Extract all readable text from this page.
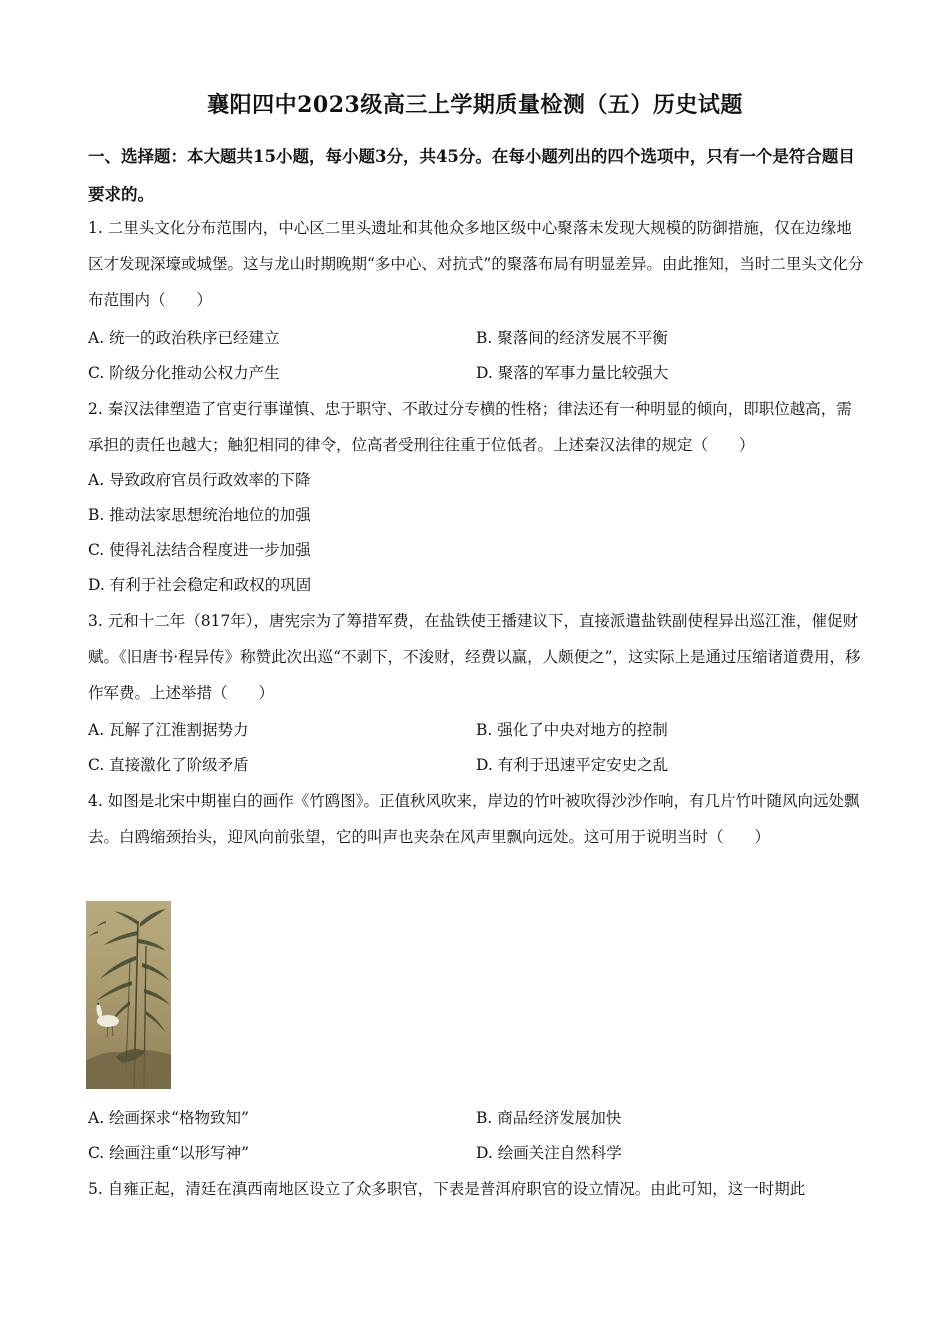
襄阳四中2023级高三上学期质量检测（五）历史试题
一、选择题：本大题共15小题，每小题3分，共45分。在每小题列出的四个选项中，只有一个是符合题目要求的。
1. 二里头文化分布范围内，中心区二里头遗址和其他众多地区级中心聚落未发现大规模的防御措施，仅在边缘地区才发现深壕或城堡。这与龙山时期晚期“多中心、对抗式”的聚落布局有明显差异。由此推知，当时二里头文化分布范围内（　　）
A. 统一的政治秩序已经建立	B. 聚落间的经济发展不平衡
C. 阶级分化推动公权力产生	D. 聚落的军事力量比较强大
2. 秦汉法律塑造了官吏行事谨慎、忠于职守、不敢过分专横的性格；律法还有一种明显的倾向，即职位越高，需承担的责任也越大；触犯相同的律令，位高者受刑往往重于位低者。上述秦汉法律的规定（　　）
A. 导致政府官员行政效率的下降
B. 推动法家思想统治地位的加强
C. 使得礼法结合程度进一步加强
D. 有利于社会稳定和政权的巩固
3. 元和十二年（817年），唐宪宗为了筹措军费，在盐铁使王播建议下，直接派遣盐铁副使程异出巡江淮，催促财赋。《旧唐书·程异传》称赞此次出巡“不剥下，不浚财，经费以赢，人颇便之”，这实际上是通过压缩诸道费用，移作军费。上述举措（　　）
A. 瓦解了江淮割据势力	B. 强化了中央对地方的控制
C. 直接激化了阶级矛盾	D. 有利于迅速平定安史之乱
4. 如图是北宋中期崔白的画作《竹鸥图》。正值秋风吹来，岸边的竹叶被吹得沙沙作响，有几片竹叶随风向远处飘去。白鸥缩颈抬头，迎风向前张望，它的叫声也夹杂在风声里飘向远处。这可用于说明当时（　　）
A. 绘画探求“格物致知”	B. 商品经济发展加快
C. 绘画注重“以形写神”	D. 绘画关注自然科学
5. 自雍正起，清廷在滇西南地区设立了众多职官，下表是普洱府职官的设立情况。由此可知，这一时期此
